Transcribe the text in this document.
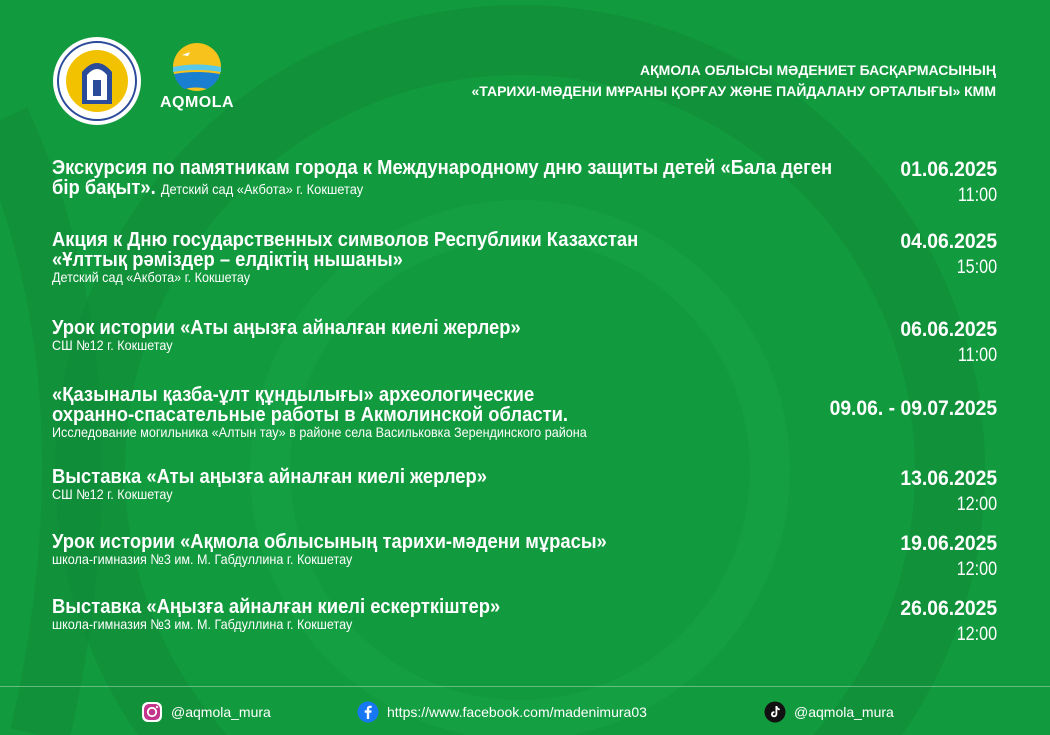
AQMOLA
АҚМОЛА ОБЛЫСЫ МӘДЕНИЕТ БАСҚАРМАСЫНЫҢ
«ТАРИХИ-МӘДЕНИ МҰРАНЫ ҚОРҒАУ ЖӘНЕ ПАЙДАЛАНУ ОРТАЛЫҒЫ» КММ
Экскурсия по памятникам города к Международному дню защиты детей «Бала деген бір бақыт». Детский сад «Акбота» г. Кокшетау
01.06.2025
11:00
Акция к Дню государственных символов Республики Казахстан
«Ұлттық рәміздер – елдіктің нышаны»
Детский сад «Акбота» г. Кокшетау
04.06.2025
15:00
Урок истории «Аты аңызға айналған киелі жерлер»
СШ №12 г. Кокшетау
06.06.2025
11:00
«Қазыналы қазба-ұлт құндылығы» археологические
охранно-спасательные работы в Акмолинской области.
Исследование могильника «Алтын тау» в районе села Васильковка Зерендинского района
09.06. - 09.07.2025
Выставка «Аты аңызға айналған киелі жерлер»
СШ №12 г. Кокшетау
13.06.2025
12:00
Урок истории «Ақмола облысының тарихи-мәдени мұрасы»
школа-гимназия №3 им. М. Габдуллина г. Кокшетау
19.06.2025
12:00
Выставка «Аңызға айналған киелі ескерткіштер»
школа-гимназия №3 им. М. Габдуллина г. Кокшетау
26.06.2025
12:00
@aqmola_mura	https://www.facebook.com/madenimura03	@aqmola_mura
